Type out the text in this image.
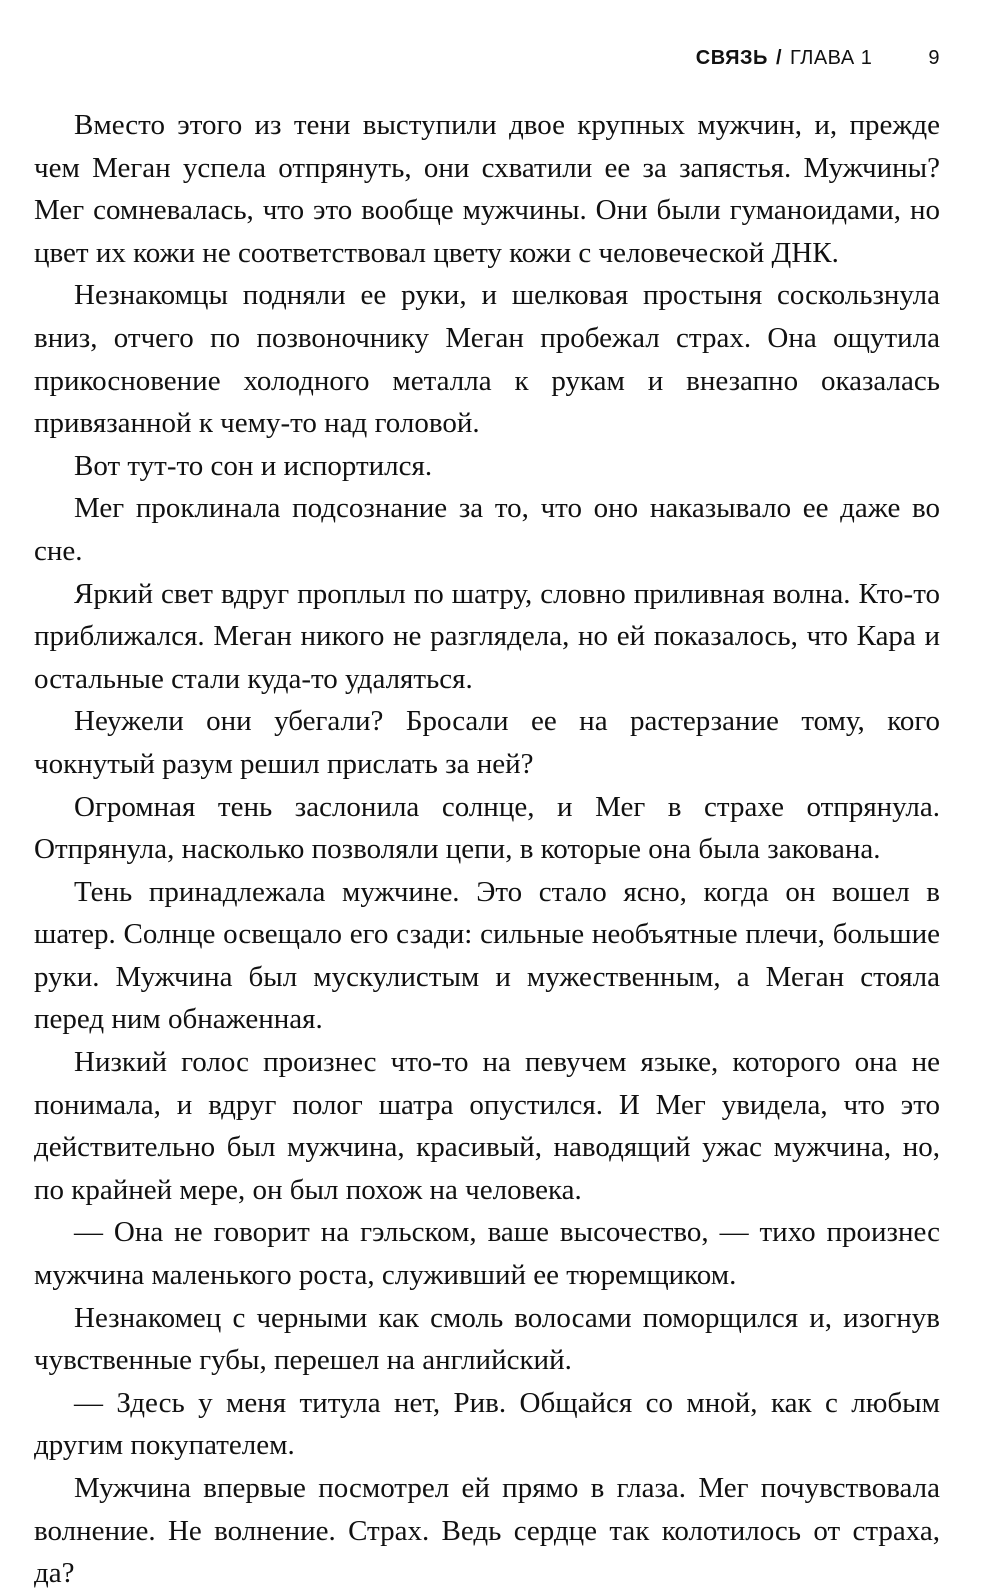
СВЯЗЬ / ГЛАВА 1	9

Вместо этого из тени выступили двое крупных мужчин, и, прежде чем Меган успела отпрянуть, они схватили ее за запястья. Мужчины? Мег сомневалась, что это вообще мужчины. Они были гуманоидами, но цвет их кожи не соответствовал цвету кожи с человеческой ДНК.

Незнакомцы подняли ее руки, и шелковая простыня соскользнула вниз, отчего по позвоночнику Меган пробежал страх. Она ощутила прикосновение холодного металла к рукам и внезапно оказалась привязанной к чему-то над головой.

Вот тут-то сон и испортился.

Мег проклинала подсознание за то, что оно наказывало ее даже во сне.

Яркий свет вдруг проплыл по шатру, словно приливная волна. Кто-то приближался. Меган никого не разглядела, но ей показалось, что Кара и остальные стали куда-то удаляться.

Неужели они убегали? Бросали ее на растерзание тому, кого чокнутый разум решил прислать за ней?

Огромная тень заслонила солнце, и Мег в страхе отпрянула. Отпрянула, насколько позволяли цепи, в которые она была закована.

Тень принадлежала мужчине. Это стало ясно, когда он вошел в шатер. Солнце освещало его сзади: сильные необъятные плечи, большие руки. Мужчина был мускулистым и мужественным, а Меган стояла перед ним обнаженная.

Низкий голос произнес что-то на певучем языке, которого она не понимала, и вдруг полог шатра опустился. И Мег увидела, что это действительно был мужчина, красивый, наводящий ужас мужчина, но, по крайней мере, он был похож на человека.

— Она не говорит на гэльском, ваше высочество, — тихо произнес мужчина маленького роста, служивший ее тюремщиком.

Незнакомец с черными как смоль волосами поморщился и, изогнув чувственные губы, перешел на английский.

— Здесь у меня титула нет, Рив. Общайся со мной, как с любым другим покупателем.

Мужчина впервые посмотрел ей прямо в глаза. Мег почувствовала волнение. Не волнение. Страх. Ведь сердце так колотилось от страха, да?
